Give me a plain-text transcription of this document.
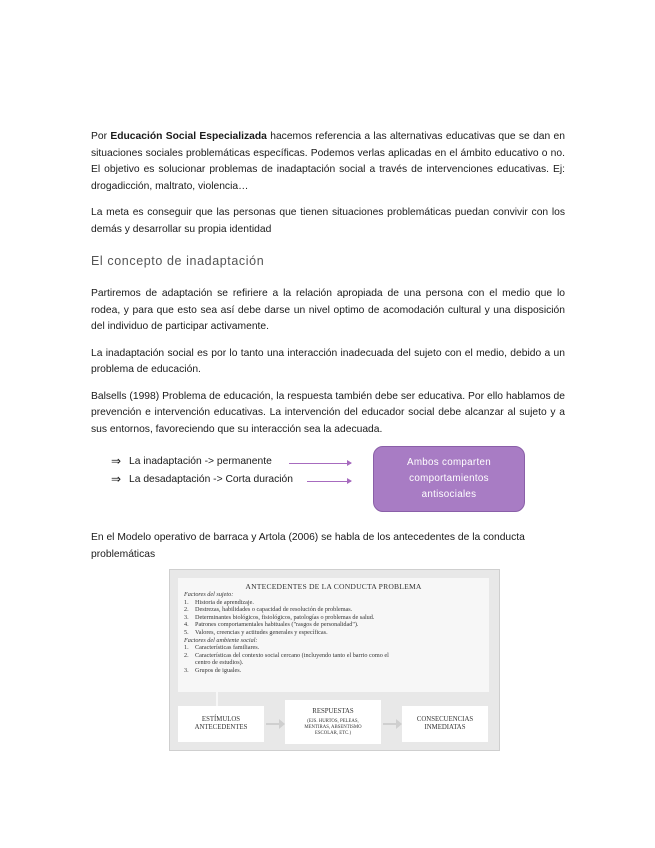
Por Educación Social Especializada hacemos referencia a las alternativas educativas que se dan en situaciones sociales problemáticas específicas. Podemos verlas aplicadas en el ámbito educativo o no. El objetivo es solucionar problemas de inadaptación social a través de intervenciones educativas. Ej: drogadicción, maltrato, violencia…

La meta es conseguir que las personas que tienen situaciones problemáticas puedan convivir con los demás y desarrollar su propia identidad

El concepto de inadaptación

Partiremos de adaptación se refiriere a la relación apropiada de una persona con el medio que lo rodea, y para que esto sea así debe darse un nivel optimo de acomodación cultural y una disposición del individuo de participar activamente.

La inadaptación social es por lo tanto una interacción inadecuada del sujeto con el medio, debido a un problema de educación.

Balsells (1998) Problema de educación, la respuesta también debe ser educativa. Por ello hablamos de prevención e intervención educativas. La intervención del educador social debe alcanzar al sujeto y a sus entornos, favoreciendo que su interacción sea la adecuada.

⇒ La inadaptación -> permanente
⇒ La desadaptación -> Corta duración
Ambos comparten
comportamientos
antisociales

En el Modelo operativo de barraca y Artola (2006) se habla de los antecedentes de la conducta problemáticas

ANTECEDENTES DE LA CONDUCTA PROBLEMA
Factores del sujeto:
1. Historia de aprendizaje.
2. Destrezas, habilidades o capacidad de resolución de problemas.
3. Determinantes biológicos, fisiológicos, patologías o problemas de salud.
4. Patrones comportamentales habituales ("rasgos de personalidad").
5. Valores, creencias y actitudes generales y específicas.
Factores del ambiente social:
1. Características familiares.
2. Características del contexto social cercano (incluyendo tanto el barrio como el
centro de estudios).
3. Grupos de iguales.
ESTÍMULOS
ANTECEDENTES
RESPUESTAS
(EJS. HURTOS, PELEAS,
MENTIRAS, ABSENTISMO
ESCOLAR, ETC.)
CONSECUENCIAS
INMEDIATAS
